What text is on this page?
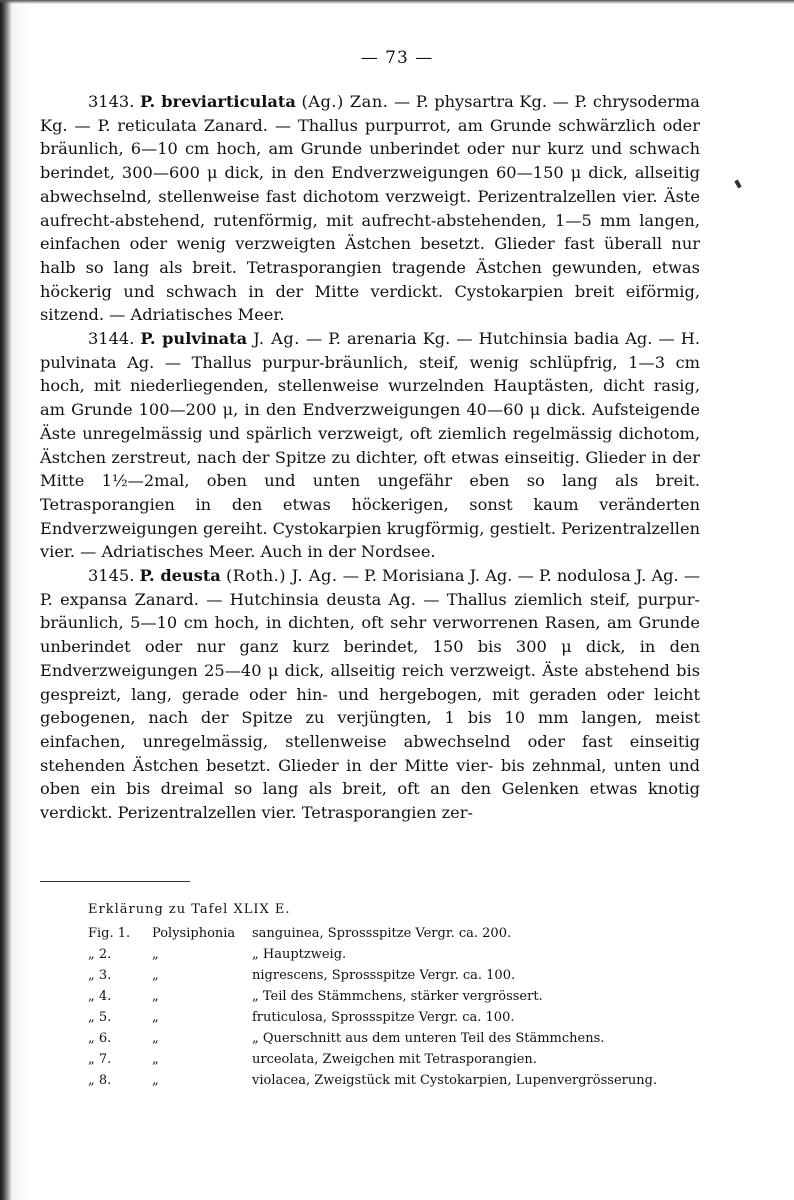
— 73 —

3143. P. breviarticulata (Ag.) Zan. — P. physartra Kg. — P. chrysoderma Kg. — P. reticulata Zanard. — Thallus purpurrot, am Grunde schwärzlich oder bräunlich, 6—10 cm hoch, am Grunde unberindet oder nur kurz und schwach berindet, 300—600 μ dick, in den Endverzweigungen 60—150 μ dick, allseitig abwechselnd, stellenweise fast dichotom verzweigt. Perizentralzellen vier. Äste aufrecht-abstehend, rutenförmig, mit aufrecht-abstehenden, 1—5 mm langen, einfachen oder wenig verzweigten Ästchen besetzt. Glieder fast überall nur halb so lang als breit. Tetrasporangien tragende Ästchen gewunden, etwas höckerig und schwach in der Mitte verdickt. Cystokarpien breit eiförmig, sitzend. — Adriatisches Meer.

3144. P. pulvinata J. Ag. — P. arenaria Kg. — Hutchinsia badia Ag. — H. pulvinata Ag. — Thallus purpur-bräunlich, steif, wenig schlüpfrig, 1—3 cm hoch, mit niederliegenden, stellenweise wurzelnden Hauptästen, dicht rasig, am Grunde 100—200 μ, in den Endverzweigungen 40—60 μ dick. Aufsteigende Äste unregelmässig und spärlich verzweigt, oft ziemlich regelmässig dichotom, Ästchen zerstreut, nach der Spitze zu dichter, oft etwas einseitig. Glieder in der Mitte 1½—2mal, oben und unten ungefähr eben so lang als breit. Tetrasporangien in den etwas höckerigen, sonst kaum veränderten Endverzweigungen gereiht. Cystokarpien krugförmig, gestielt. Perizentralzellen vier. — Adriatisches Meer. Auch in der Nordsee.

3145. P. deusta (Roth.) J. Ag. — P. Morisiana J. Ag. — P. nodulosa J. Ag. — P. expansa Zanard. — Hutchinsia deusta Ag. — Thallus ziemlich steif, purpur-bräunlich, 5—10 cm hoch, in dichten, oft sehr verworrenen Rasen, am Grunde unberindet oder nur ganz kurz berindet, 150 bis 300 μ dick, in den Endverzweigungen 25—40 μ dick, allseitig reich verzweigt. Äste abstehend bis gespreizt, lang, gerade oder hin- und hergebogen, mit geraden oder leicht gebogenen, nach der Spitze zu verjüngten, 1 bis 10 mm langen, meist einfachen, unregelmässig, stellenweise abwechselnd oder fast einseitig stehenden Ästchen besetzt. Glieder in der Mitte vier- bis zehnmal, unten und oben ein bis dreimal so lang als breit, oft an den Gelenken etwas knotig verdickt. Perizentralzellen vier. Tetrasporangien zer-

Erklärung zu Tafel XLIX E.
Fig. 1.	Polysiphonia	sanguinea, Sprossspitze Vergr. ca. 200.
„ 2.	„	„ Hauptzweig.
„ 3.	„	nigrescens, Sprossspitze Vergr. ca. 100.
„ 4.	„	„ Teil des Stämmchens, stärker vergrössert.
„ 5.	„	fruticulosa, Sprossspitze Vergr. ca. 100.
„ 6.	„	„ Querschnitt aus dem unteren Teil des Stämmchens.
„ 7.	„	urceolata, Zweigchen mit Tetrasporangien.
„ 8.	„	violacea, Zweigstück mit Cystokarpien, Lupenvergrösserung.
